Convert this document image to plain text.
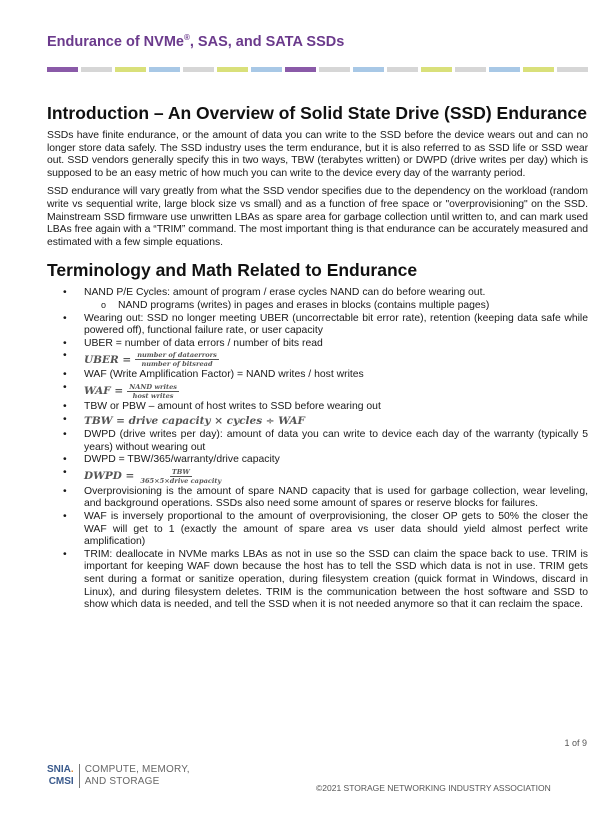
Endurance of NVMe®, SAS, and SATA SSDs
Introduction – An Overview of Solid State Drive (SSD) Endurance

SSDs have finite endurance, or the amount of data you can write to the SSD before the device wears out and can no longer store data safely. The SSD industry uses the term endurance, but it is also referred to as SSD life or SSD wear out. SSD vendors generally specify this in two ways, TBW (terabytes written) or DWPD (drive writes per day) which is supposed to be an easy metric of how much you can write to the device every day of the warranty period.

SSD endurance will vary greatly from what the SSD vendor specifies due to the dependency on the workload (random write vs sequential write, large block size vs small) and as a function of free space or "overprovisioning" on the SSD. Mainstream SSD firmware use unwritten LBAs as spare area for garbage collection until written to, and can mark used LBAs free again with a “TRIM” command. The most important thing is that endurance can be accurately measured and estimated with a few simple equations.

Terminology and Math Related to Endurance
• NAND P/E Cycles: amount of program / erase cycles NAND can do before wearing out.
o NAND programs (writes) in pages and erases in blocks (contains multiple pages)
• Wearing out: SSD no longer meeting UBER (uncorrectable bit error rate), retention (keeping data safe while powered off), functional failure rate, or user capacity
• UBER = number of data errors / number of bits read
• UBER = $\frac{\text{number of dataerrors}}{\text{number of bitsread}}$
• WAF (Write Amplification Factor) = NAND writes / host writes
• WAF = $\frac{\text{NAND writes}}{\text{host writes}}$
• TBW or PBW – amount of host writes to SSD before wearing out
• TBW = drive capacity × cycles ÷ WAF
• DWPD (drive writes per day): amount of data you can write to device each day of the warranty (typically 5 years) without wearing out
• DWPD = TBW/365/warranty/drive capacity
• DWPD = $\frac{\text{TBW}}{\text{365×5×drive capacity}}$
• Overprovisioning is the amount of spare NAND capacity that is used for garbage collection, wear leveling, and background operations. SSDs also need some amount of spares or reserve blocks for failures.
• WAF is inversely proportional to the amount of overprovisioning, the closer OP gets to 50% the closer the WAF will get to 1 (exactly the amount of spare area vs user data should yield almost perfect write amplification)
• TRIM: deallocate in NVMe marks LBAs as not in use so the SSD can claim the space back to use. TRIM is important for keeping WAF down because the host has to tell the SSD which data is not in use. TRIM gets sent during a format or sanitize operation, during filesystem creation (quick format in Windows, discard in Linux), and during filesystem deletes. TRIM is the communication between the host software and SSD to show which data is needed, and tell the SSD when it is not needed anymore so that it can reclaim the space.
1 of 9
SNIA.
CMSI
COMPUTE, MEMORY,
AND STORAGE
©2021 STORAGE NETWORKING INDUSTRY ASSOCIATION
